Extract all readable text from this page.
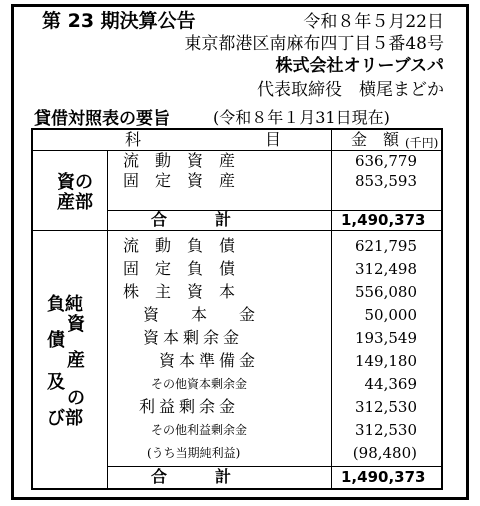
第 23 期決算公告	令和８年５月22日
東京都港区南麻布四丁目５番48号
株式会社オリーブスパ
代表取締役　横尾まどか
貸借対照表の要旨	(令和８年１月31日現在)
科	目	金　額 (千円)
資の
産部
流　動　資　産	636,779
固　定　資　産	853,593
合　　　計	1,490,373
負純
資
債
産
及
の
び部
流　動　負　債	621,795
固　定　負　債	312,498
株　主　資　本	556,080
資　　本　　金	50,000
資本剰余金	193,549
資本準備金	149,180
その他資本剰余金	44,369
利益剰余金	312,530
その他利益剰余金	312,530
(うち当期純利益)	(98,480)
合　　　計	1,490,373
